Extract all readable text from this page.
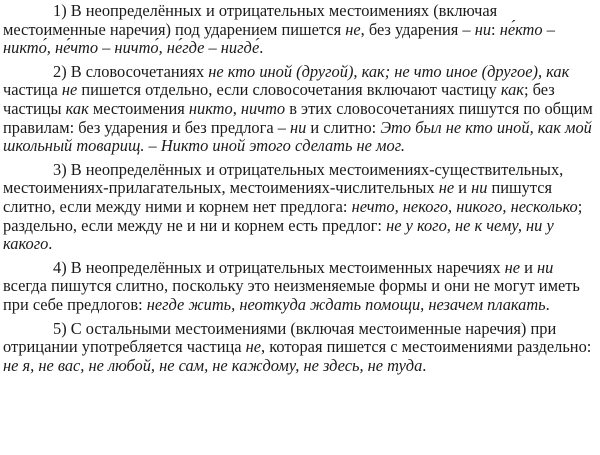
1) В неопределённых и отрицательных местоимениях (включая местоименные наречия) под ударением пишется не, без ударения – ни: не́кто – никто́, не́что – ничто́, не́где – нигде́.

2) В словосочетаниях не кто иной (другой), как; не что иное (другое), как частица не пишется отдельно, если словосочетания включают частицу как; без частицы как местоимения никто, ничто в этих словосочетаниях пишутся по общим правилам: без ударения и без предлога – ни и слитно: Это был не кто иной, как мой школьный товарищ. – Никто иной этого сделать не мог.

3) В неопределённых и отрицательных местоимениях-существительных, местоимениях-прилагательных, местоимениях-числительных не и ни пишутся слитно, если между ними и корнем нет предлога: нечто, некого, никого, несколько; раздельно, если между не и ни и корнем есть предлог: не у кого, не к чему, ни у какого.

4) В неопределённых и отрицательных местоименных наречиях не и ни всегда пишутся слитно, поскольку это неизменяемые формы и они не могут иметь при себе предлогов: негде жить, неоткуда ждать помощи, незачем плакать.

5) С остальными местоимениями (включая местоименные наречия) при отрицании употребляется частица не, которая пишется с местоимениями раздельно: не я, не вас, не любой, не сам, не каждому, не здесь, не туда.
